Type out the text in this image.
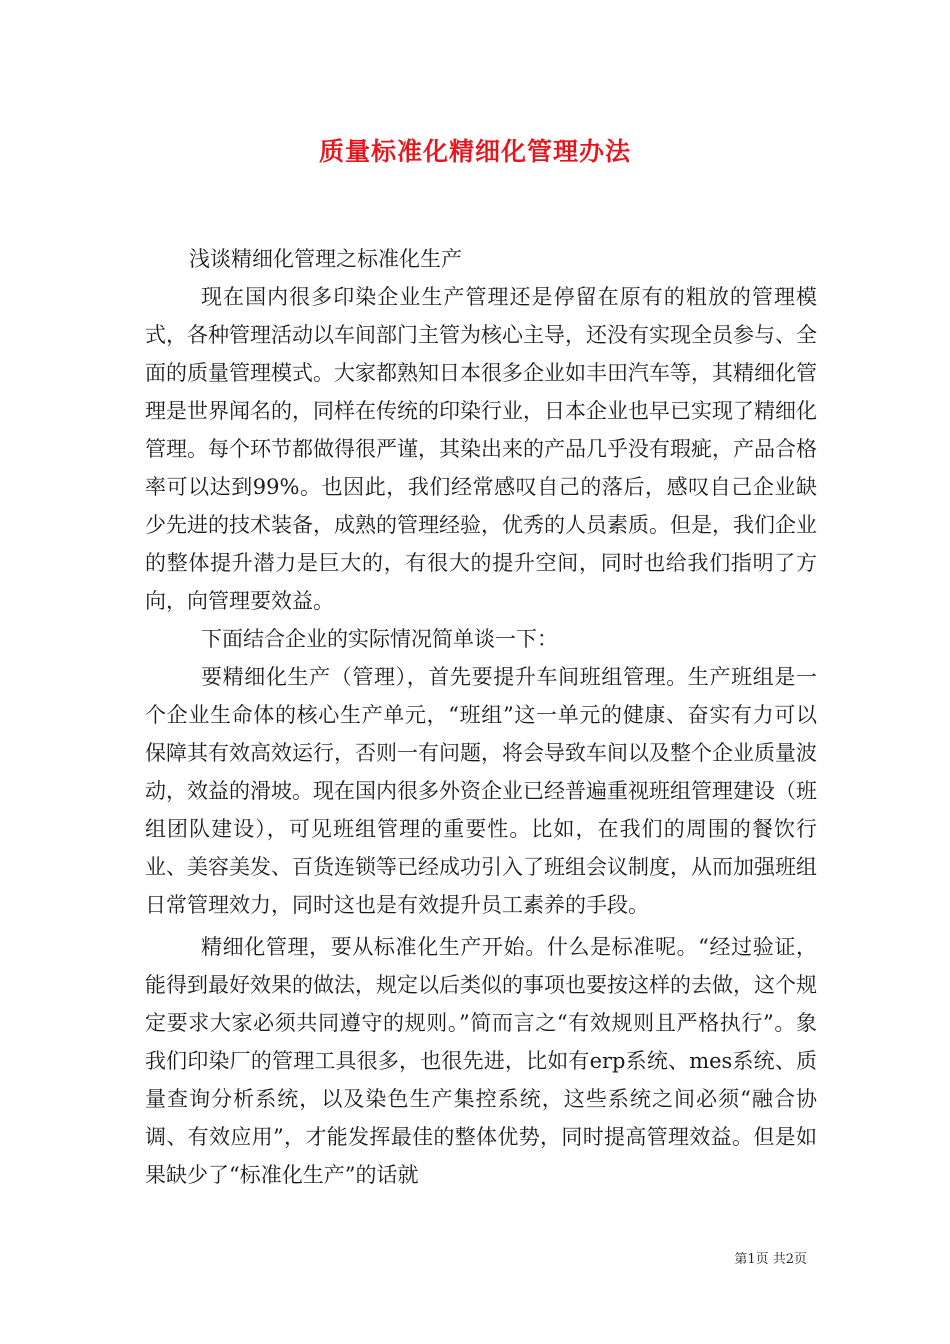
质量标准化精细化管理办法

浅谈精细化管理之标准化生产

现在国内很多印染企业生产管理还是停留在原有的粗放的管理模式，各种管理活动以车间部门主管为核心主导，还没有实现全员参与、全面的质量管理模式。大家都熟知日本很多企业如丰田汽车等，其精细化管理是世界闻名的，同样在传统的印染行业，日本企业也早已实现了精细化管理。每个环节都做得很严谨，其染出来的产品几乎没有瑕疵，产品合格率可以达到99%。也因此，我们经常感叹自己的落后，感叹自己企业缺少先进的技术装备，成熟的管理经验，优秀的人员素质。但是，我们企业的整体提升潜力是巨大的，有很大的提升空间，同时也给我们指明了方向，向管理要效益。

下面结合企业的实际情况简单谈一下：

要精细化生产（管理），首先要提升车间班组管理。生产班组是一个企业生命体的核心生产单元，“班组”这一单元的健康、奋实有力可以保障其有效高效运行，否则一有问题，将会导致车间以及整个企业质量波动，效益的滑坡。现在国内很多外资企业已经普遍重视班组管理建设（班组团队建设），可见班组管理的重要性。比如，在我们的周围的餐饮行业、美容美发、百货连锁等已经成功引入了班组会议制度，从而加强班组日常管理效力，同时这也是有效提升员工素养的手段。

精细化管理，要从标准化生产开始。什么是标准呢。“经过验证，能得到最好效果的做法，规定以后类似的事项也要按这样的去做，这个规定要求大家必须共同遵守的规则。”简而言之“有效规则且严格执行”。象我们印染厂的管理工具很多，也很先进，比如有erp系统、mes系统、质量查询分析系统，以及染色生产集控系统，这些系统之间必须“融合协调、有效应用”，才能发挥最佳的整体优势，同时提高管理效益。但是如果缺少了“标准化生产”的话就

第1页 共2页
